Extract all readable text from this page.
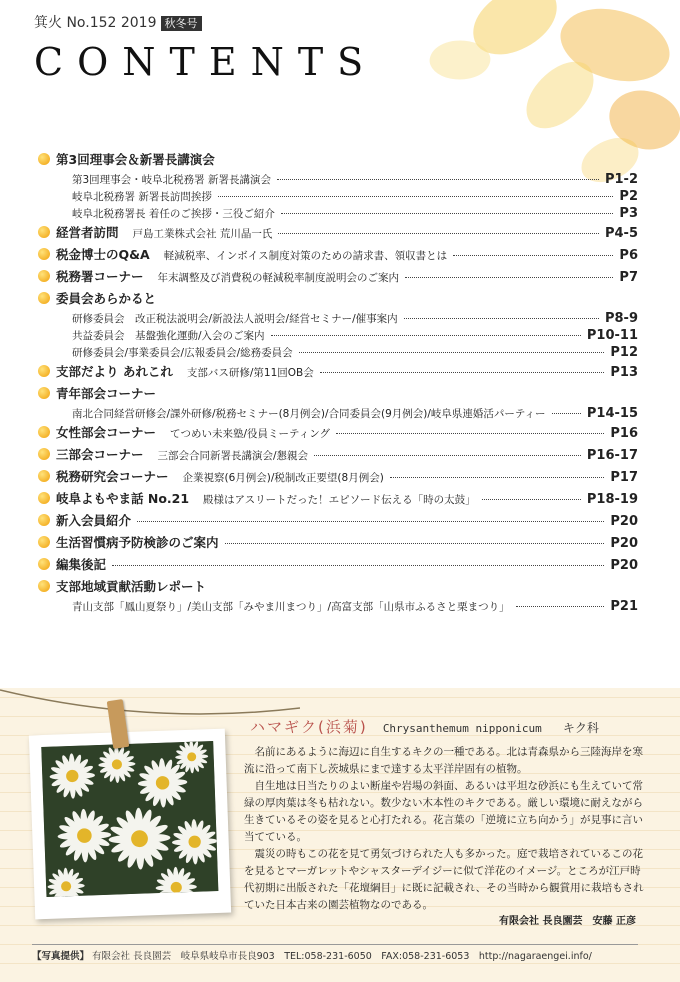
箕火 No.152 2019 秋冬号
CONTENTS
第3回理事会＆新署長講演会
第3回理事会・岐阜北税務署 新署長講演会	P1-2
岐阜北税務署 新署長訪問挨拶	P2
岐阜北税務署長 着任のご挨拶・三役ご紹介	P3
経営者訪問 戸島工業株式会社 荒川晶一氏	P4-5
税金博士のQ&A 軽減税率、インボイス制度対策のための請求書、領収書とは	P6
税務署コーナー 年末調整及び消費税の軽減税率制度説明会のご案内	P7
委員会あらかると
研修委員会　改正税法説明会/新設法人説明会/経営セミナー/催事案内	P8-9
共益委員会　基盤強化運動/入会のご案内	P10-11
研修委員会/事業委員会/広報委員会/総務委員会	P12
支部だより あれこれ 支部バス研修/第11回OB会	P13
青年部会コーナー
南北合同経営研修会/課外研修/税務セミナー(8月例会)/合同委員会(9月例会)/岐阜県連婚活パーティー	P14-15
女性部会コーナー てつめい未来塾/役員ミーティング	P16
三部会コーナー 三部会合同新署長講演会/懇親会	P16-17
税務研究会コーナー 企業視察(6月例会)/税制改正要望(8月例会)	P17
岐阜よもやま話 No.21 殿様はアスリートだった！エピソード伝える「時の太鼓」	P18-19
新入会員紹介	P20
生活習慣病予防検診のご案内	P20
編集後記	P20
支部地域貢献活動レポート
青山支部「鳳山夏祭り」/美山支部「みやま川まつり」/高富支部「山県市ふるさと栗まつり」	P21
ハマギク(浜菊) Chrysanthemum nipponicum キク科

名前にあるように海辺に自生するキクの一種である。北は青森県から三陸海岸を寒流に沿って南下し茨城県にまで達する太平洋岸固有の植物。

自生地は日当たりのよい断崖や岩場の斜面、あるいは平坦な砂浜にも生えていて常緑の厚肉葉は冬も枯れない。数少ない木本性のキクである。厳しい環境に耐えながら生きているその姿を見ると心打たれる。花言葉の「逆境に立ち向かう」が見事に言い当てている。

震災の時もこの花を見て勇気づけられた人も多かった。庭で栽培されているこの花を見るとマーガレットやシャスターデイジーに似て洋花のイメージ。ところが江戸時代初期に出版された「花壇綱目」に既に記載され、その当時から観賞用に栽培もされていた日本古来の園芸植物なのである。

有限会社 長良園芸　安藤 正彦
【写真提供】 有限会社 長良園芸　岐阜県岐阜市長良903　TEL:058-231-6050　FAX:058-231-6053　http://nagaraengei.info/
